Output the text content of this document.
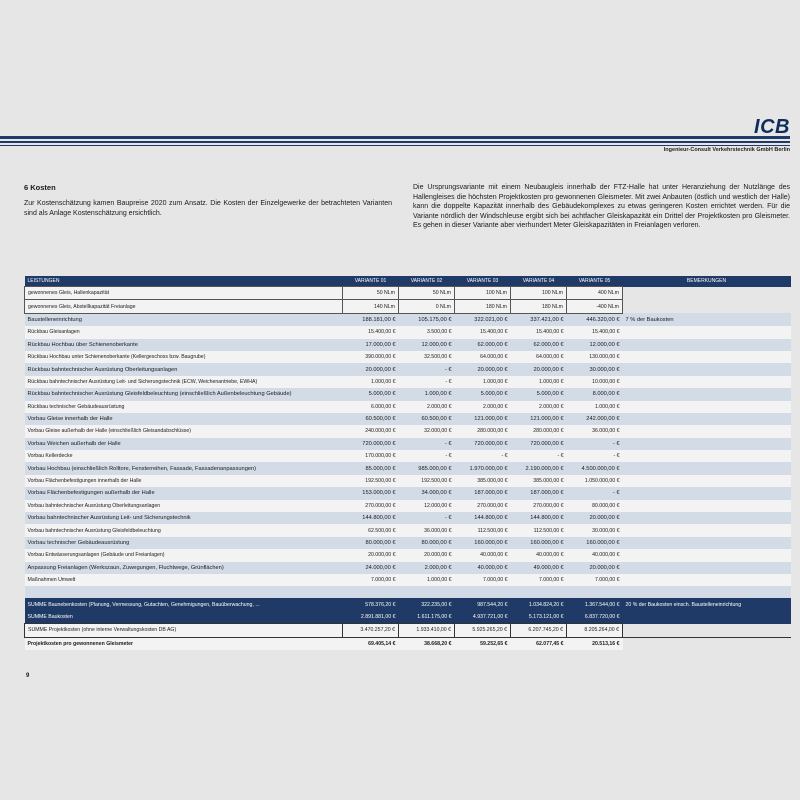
ICB
Ingenieur-Consult Verkehrstechnik GmbH Berlin
6 Kosten
Zur Kostenschätzung kamen Baupreise 2020 zum Ansatz. Die Kosten der Einzelgewerke der betrachteten Varianten sind als Anlage Kostenschätzung ersichtlich.
Die Ursprungsvariante mit einem Neubaugleis innerhalb der FTZ-Halle hat unter Heranziehung der Nutzlänge des Hallengleises die höchsten Projektkosten pro gewonnenen Gleismeter. Mit zwei Anbauten (östlich und westlich der Halle) kann die doppelte Kapazität innerhalb des Gebäudekomplexes zu etwas geringeren Kosten errichtet werden. Für die Variante nördlich der Windschleuse ergibt sich bei achtfacher Gleiskapazität ein Drittel der Projektkosten pro Gleismeter. Es gehen in dieser Variante aber vierhundert Meter Gleiskapazitäten in Freianlagen verloren.
LEISTUNGEN	VARIANTE 01	VARIANTE 02	VARIANTE 03	VARIANTE 04	VARIANTE 05	BEMERKUNGEN
gewonnenes Gleis, Hallenkapazität	50 NLm	50 NLm	100 NLm	100 NLm	400 NLm	
gewonnenes Gleis, Abstellkapazität Freianlage	140 NLm	0 NLm	180 NLm	180 NLm	-400 NLm	
Baustelleneinrichtung	188.181,00 €	105.175,00 €	322.021,00 €	337.421,00 €	446.320,00 €	7 % der Baukosten
Rückbau Gleisanlagen	15.400,00 €	3.500,00 €	15.400,00 €	15.400,00 €	15.400,00 €	
Rückbau Hochbau über Schienenoberkante	17.000,00 €	12.000,00 €	62.000,00 €	62.000,00 €	12.000,00 €	
Rückbau Hochbau unter Schienenoberkante (Kellergeschoss bzw. Baugrube)	390.000,00 €	32.500,00 €	64.000,00 €	64.000,00 €	130.000,00 €	
Rückbau bahntechnischer Ausrüstung Oberleitungsanlagen	20.000,00 €	- €	20.000,00 €	20.000,00 €	30.000,00 €	
Rückbau bahntechnischer Ausrüstung Leit- und Sicherungstechnik (ECW, Weichenantriebe, EWHA)	1.000,00 €	- €	1.000,00 €	1.000,00 €	10.000,00 €	
Rückbau bahntechnischer Ausrüstung Gleisfeldbeleuchtung (einschließlich Außenbeleuchtung Gebäude)	5.000,00 €	1.000,00 €	5.000,00 €	5.000,00 €	8.000,00 €	
Rückbau technischer Gebäudeausrüstung	6.000,00 €	2.000,00 €	2.000,00 €	2.000,00 €	1.000,00 €	
Vorbau Gleise innerhalb der Halle	60.500,00 €	60.500,00 €	121.000,00 €	121.000,00 €	242.000,00 €	
Vorbau Gleise außerhalb der Halle (einschließlich Gleisandabschlüsse)	240.000,00 €	32.000,00 €	280.000,00 €	280.000,00 €	36.000,00 €	
Vorbau Weichen außerhalb der Halle	720.000,00 €	- €	720.000,00 €	720.000,00 €	- €	
Vorbau Kellerdecke	170.000,00 €	- €	- €	- €	- €	
Vorbau Hochbau (einschließlich Rolltore, Fensterreihen, Fassade, Fassadenanpassungen)	85.000,00 €	985.000,00 €	1.970.000,00 €	2.190.000,00 €	4.500.000,00 €	
Vorbau Flächenbefestigungen innerhalb der Halle	192.500,00 €	192.500,00 €	385.000,00 €	385.000,00 €	1.050.000,00 €	
Vorbau Flächenbefestigungen außerhalb der Halle	153.000,00 €	34.000,00 €	187.000,00 €	187.000,00 €	- €	
Vorbau bahntechnischer Ausrüstung Oberleitungsanlagen	270.000,00 €	12.000,00 €	270.000,00 €	270.000,00 €	80.000,00 €	
Vorbau bahntechnischer Ausrüstung Leit- und Sicherungstechnik	144.800,00 €	- €	144.800,00 €	144.800,00 €	20.000,00 €	
Vorbau bahntechnischer Ausrüstung Gleisfeldbeleuchtung	62.500,00 €	36.000,00 €	112.500,00 €	112.500,00 €	30.000,00 €	
Vorbau technischer Gebäudeausrüstung	80.000,00 €	80.000,00 €	160.000,00 €	160.000,00 €	160.000,00 €	
Vorbau Entwässerungsanlagen (Gebäude und Freianlagen)	20.000,00 €	20.000,00 €	40.000,00 €	40.000,00 €	40.000,00 €	
Anpassung Freianlagen (Werkszaun, Zuwegungen, Fluchtwege, Grünflächen)	24.000,00 €	2.000,00 €	40.000,00 €	49.000,00 €	20.000,00 €	
Maßnahmen Umwelt	7.000,00 €	1.000,00 €	7.000,00 €	7.000,00 €	7.000,00 €	

SUMME Baunebenkosten (Planung, Vermessung, Gutachten, Genehmigungen, Bauüberwachung, ...	578.376,20 €	322.235,00 €	987.544,20 €	1.034.824,20 €	1.367.544,00 €	20 % der Baukosten einsch. Baustelleneinrichtung
SUMME Baukosten	2.891.881,00 €	1.611.175,00 €	4.937.721,00 €	5.173.121,00 €	6.837.720,00 €	
SUMME Projektkosten (ohne interne Verwaltungskosten DB AG)	3.470.257,20 €	1.933.410,00 €	5.925.265,20 €	6.207.745,20 €	8.205.264,00 €	
Projektkosten pro gewonnenen Gleismeter	69.405,14 €	38.668,20 €	59.252,65 €	62.077,45 €	20.513,16 €	
9
